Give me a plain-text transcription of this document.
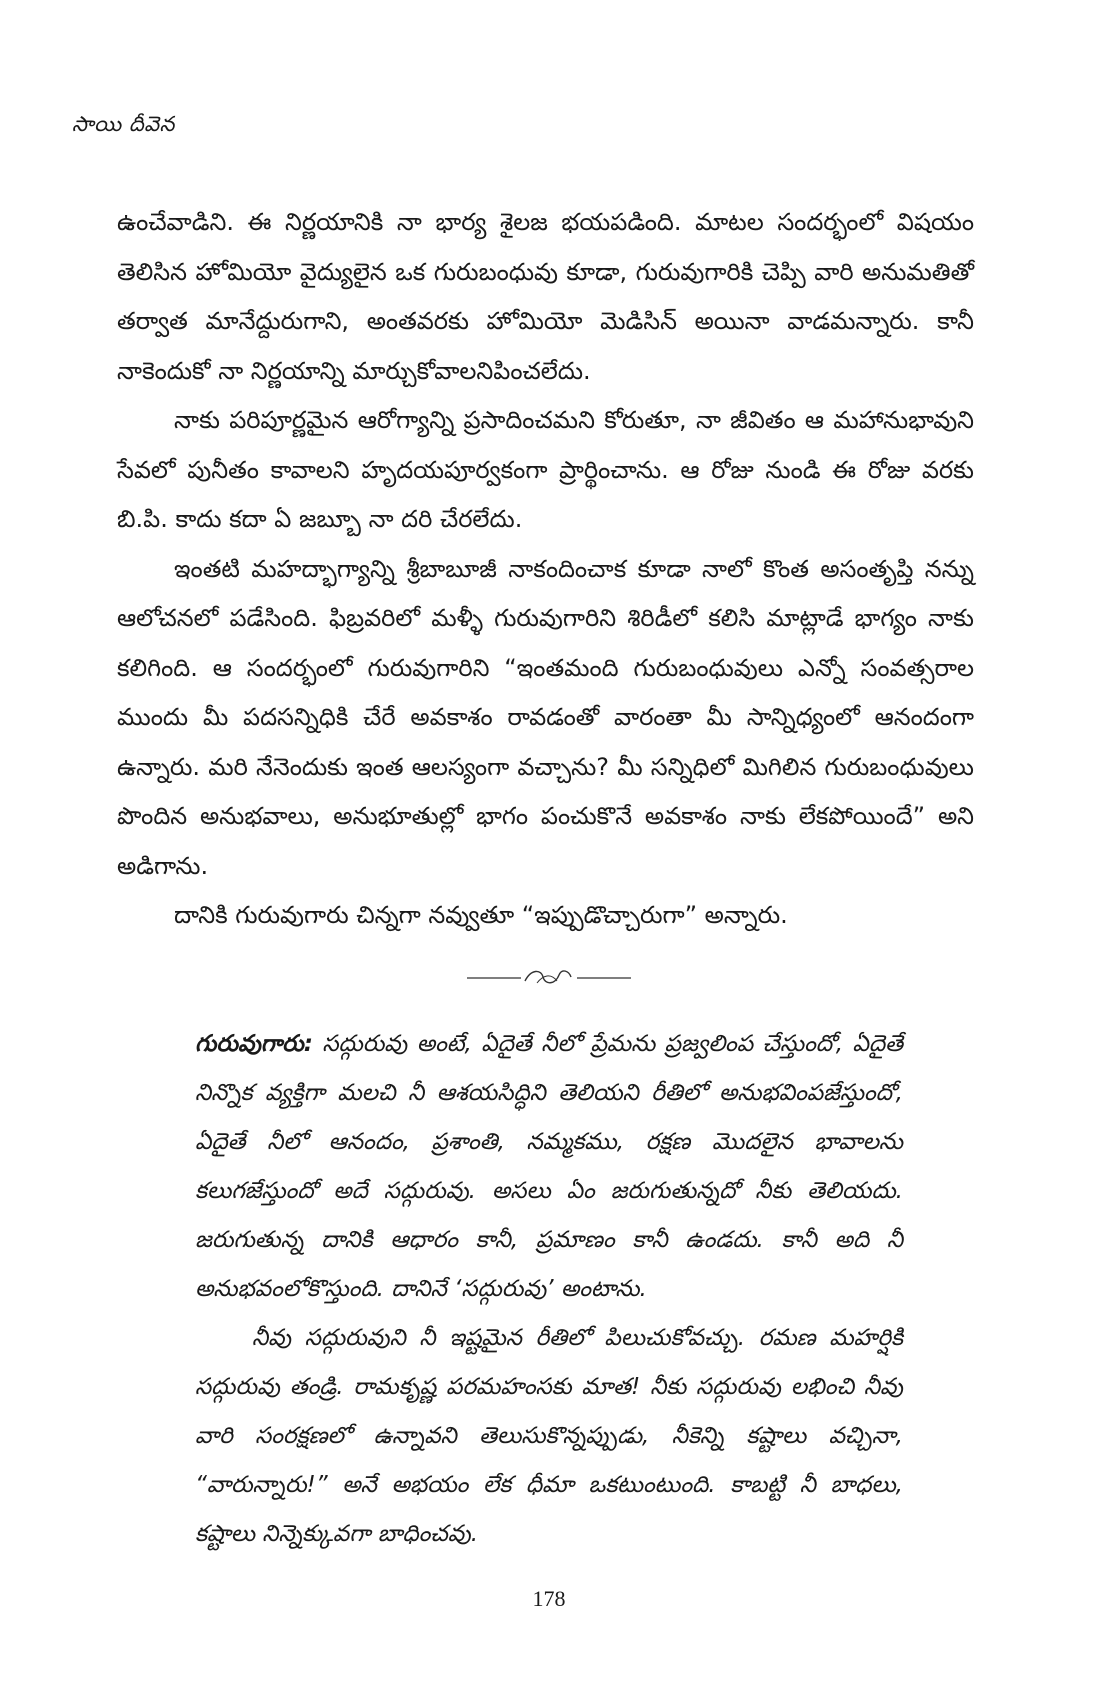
సాయి దీవెన

ఉంచేవాడిని. ఈ నిర్ణయానికి నా భార్య శైలజ భయపడింది. మాటల సందర్భంలో విషయం తెలిసిన హోమియో వైద్యులైన ఒక గురుబంధువు కూడా, గురువుగారికి చెప్పి వారి అనుమతితో తర్వాత మానేద్దురుగాని, అంతవరకు హోమియో మెడిసిన్ అయినా వాడమన్నారు. కానీ నాకెందుకో నా నిర్ణయాన్ని మార్చుకోవాలనిపించలేదు.

నాకు పరిపూర్ణమైన ఆరోగ్యాన్ని ప్రసాదించమని కోరుతూ, నా జీవితం ఆ మహానుభావుని సేవలో పునీతం కావాలని హృదయపూర్వకంగా ప్రార్థించాను. ఆ రోజు నుండి ఈ రోజు వరకు బి.పి. కాదు కదా ఏ జబ్బూ నా దరి చేరలేదు.

ఇంతటి మహద్భాగ్యాన్ని శ్రీబాబూజీ నాకందించాక కూడా నాలో కొంత అసంతృప్తి నన్ను ఆలోచనలో పడేసింది. ఫిబ్రవరిలో మళ్ళీ గురువుగారిని శిరిడీలో కలిసి మాట్లాడే భాగ్యం నాకు కలిగింది. ఆ సందర్భంలో గురువుగారిని “ఇంతమంది గురుబంధువులు ఎన్నో సంవత్సరాల ముందు మీ పదసన్నిధికి చేరే అవకాశం రావడంతో వారంతా మీ సాన్నిధ్యంలో ఆనందంగా ఉన్నారు. మరి నేనెందుకు ఇంత ఆలస్యంగా వచ్చాను? మీ సన్నిధిలో మిగిలిన గురుబంధువులు పొందిన అనుభవాలు, అనుభూతుల్లో భాగం పంచుకొనే అవకాశం నాకు లేకపోయిందే” అని అడిగాను.

దానికి గురువుగారు చిన్నగా నవ్వుతూ “ఇప్పుడొచ్చారుగా” అన్నారు.

గురువుగారు: సద్గురువు అంటే, ఏదైతే నీలో ప్రేమను ప్రజ్వలింప చేస్తుందో, ఏదైతే నిన్నొక వ్యక్తిగా మలచి నీ ఆశయసిద్ధిని తెలియని రీతిలో అనుభవింపజేస్తుందో, ఏదైతే నీలో ఆనందం, ప్రశాంతి, నమ్మకము, రక్షణ మొదలైన భావాలను కలుగజేస్తుందో అదే సద్గురువు. అసలు ఏం జరుగుతున్నదో నీకు తెలియదు. జరుగుతున్న దానికి ఆధారం కానీ, ప్రమాణం కానీ ఉండదు. కానీ అది నీ అనుభవంలోకొస్తుంది. దానినే ‘సద్గురువు’ అంటాను.

నీవు సద్గురువుని నీ ఇష్టమైన రీతిలో పిలుచుకోవచ్చు. రమణ మహర్షికి సద్గురువు తండ్రి. రామకృష్ణ పరమహంసకు మాత! నీకు సద్గురువు లభించి నీవు వారి సంరక్షణలో ఉన్నావని తెలుసుకొన్నప్పుడు, నీకెన్ని కష్టాలు వచ్చినా, “వారున్నారు!” అనే అభయం లేక ధీమా ఒకటుంటుంది. కాబట్టి నీ బాధలు, కష్టాలు నిన్నెక్కువగా బాధించవు.

178
